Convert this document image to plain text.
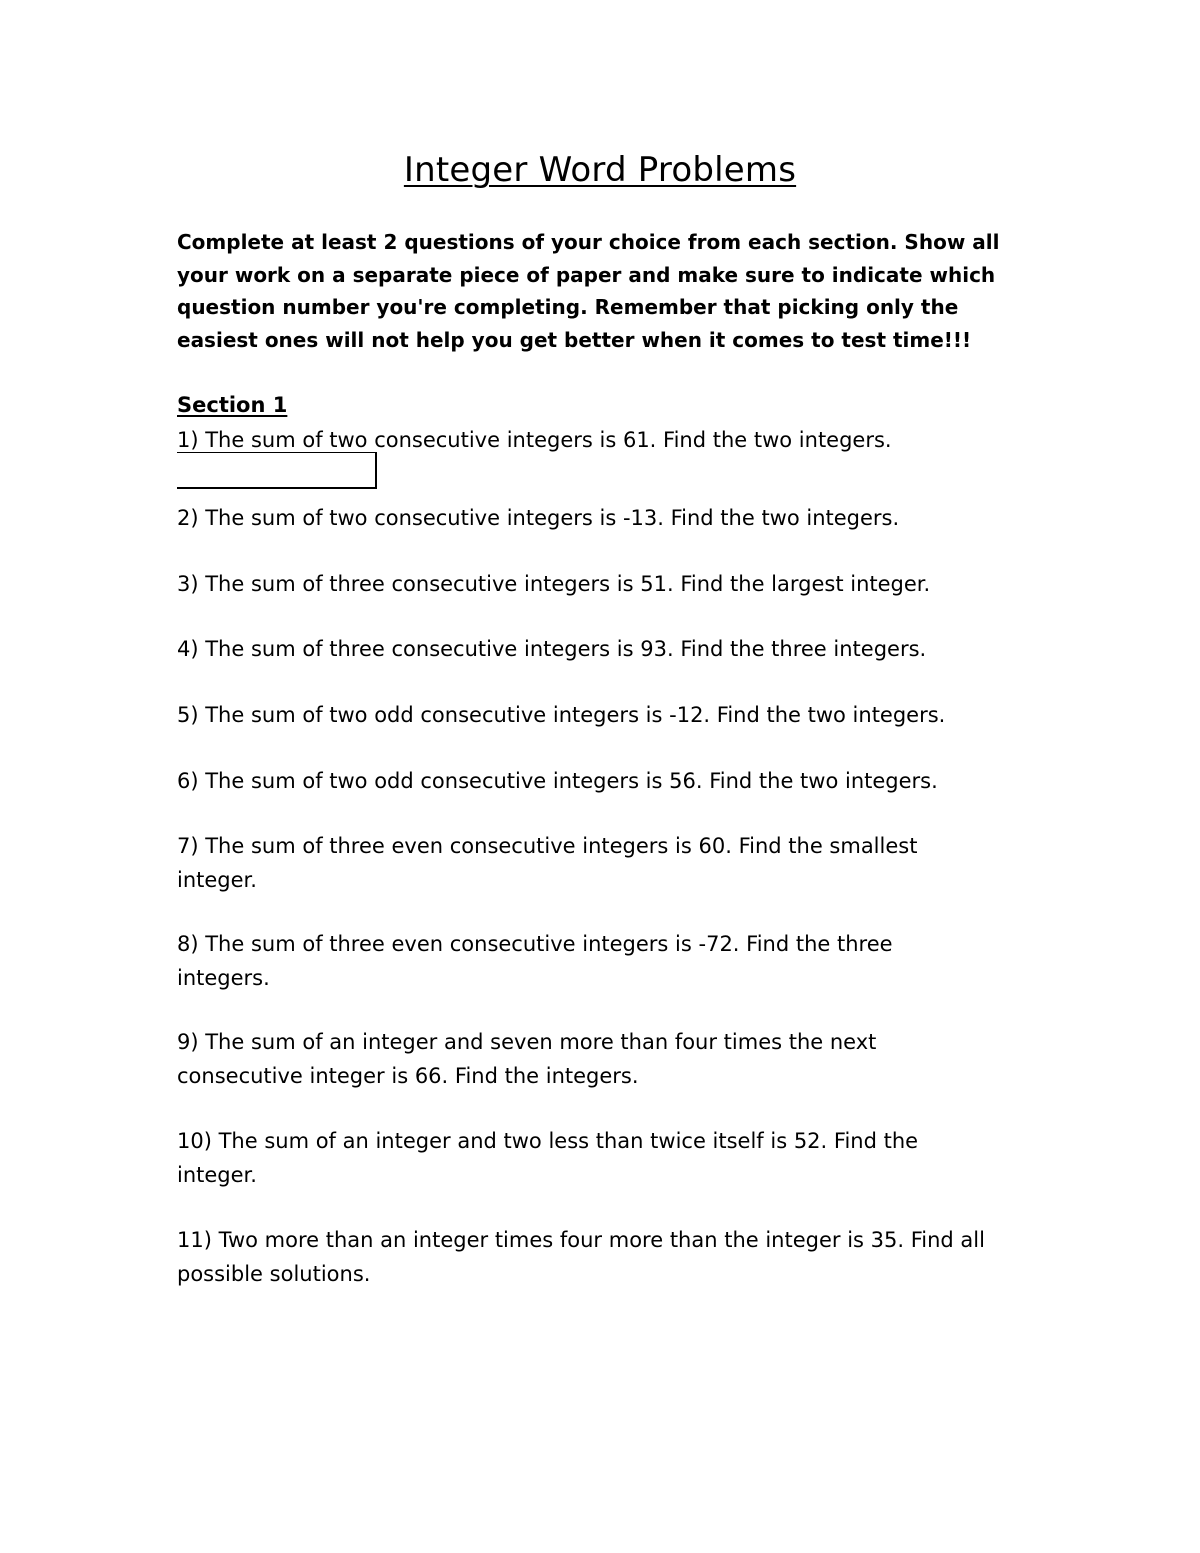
Integer Word Problems
Complete at least 2 questions of your choice from each section. Show all your work on a separate piece of paper and make sure to indicate which question number you're completing. Remember that picking only the easiest ones will not help you get better when it comes to test time!!!
Section 1
1) The sum of two consecutive integers is 61. Find the two integers.
2) The sum of two consecutive integers is -13. Find the two integers.
3) The sum of three consecutive integers is 51. Find the largest integer.
4) The sum of three consecutive integers is 93. Find the three integers.
5) The sum of two odd consecutive integers is -12. Find the two integers.
6) The sum of two odd consecutive integers is 56. Find the two integers.
7) The sum of three even consecutive integers is 60. Find the smallest integer.
8) The sum of three even consecutive integers is -72. Find the three integers.
9) The sum of an integer and seven more than four times the next consecutive integer is 66. Find the integers.
10) The sum of an integer and two less than twice itself is 52. Find the integer.
11) Two more than an integer times four more than the integer is 35. Find all possible solutions.
